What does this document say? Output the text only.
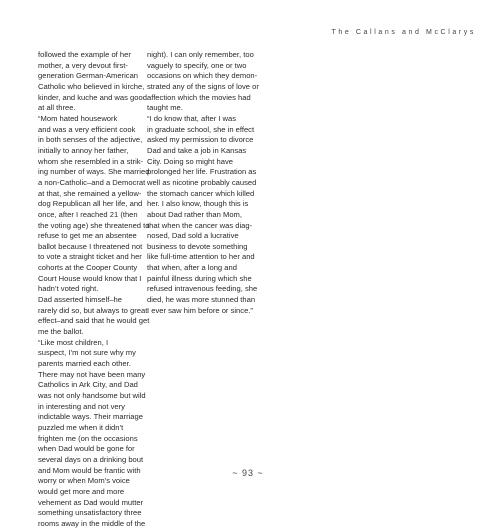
The Callans and McClarys
followed the example of her
mother, a very devout first-
generation German-American
Catholic who believed in kirche,
kinder, and kuche and was good
at all three.
“Mom hated housework
and was a very efficient cook
in both senses of the adjective,
initially to annoy her father,
whom she resembled in a strik-
ing number of ways. She married
a non-Catholic–and a Democrat
at that, she remained a yellow-
dog Republican all her life, and
once, after I reached 21 (then
the voting age) she threatened to
refuse to get me an absentee
ballot because I threatened not
to vote a straight ticket and her
cohorts at the Cooper County
Court House would know that I
hadn’t voted right.
Dad asserted himself–he
rarely did so, but always to great
effect–and said that he would get
me the ballot.
“Like most children, I
suspect, I’m not sure why my
parents married each other.
There may not have been many
Catholics in Ark City, and Dad
was not only handsome but wild
in interesting and not very
indictable ways. Their marriage
puzzled me when it didn’t
frighten me (on the occasions
when Dad would be gone for
several days on a drinking bout
and Mom would be frantic with
worry or when Mom’s voice
would get more and more
vehement as Dad would mutter
something unsatisfactory three
rooms away in the middle of the
night). I can only remember, too
vaguely to specify, one or two
occasions on which they demon-
strated any of the signs of love or
affection which the movies had
taught me.
“I do know that, after I was
in graduate school, she in effect
asked my permission to divorce
Dad and take a job in Kansas
City. Doing so might have
prolonged her life. Frustration as
well as nicotine probably caused
the stomach cancer which killed
her. I also know, though this is
about Dad rather than Mom,
that when the cancer was diag-
nosed, Dad sold a lucrative
business to devote something
like full-time attention to her and
that when, after a long and
painful illness during which she
refused intravenous feeding, she
died, he was more stunned than
I ever saw him before or since.”
~ 93 ~
